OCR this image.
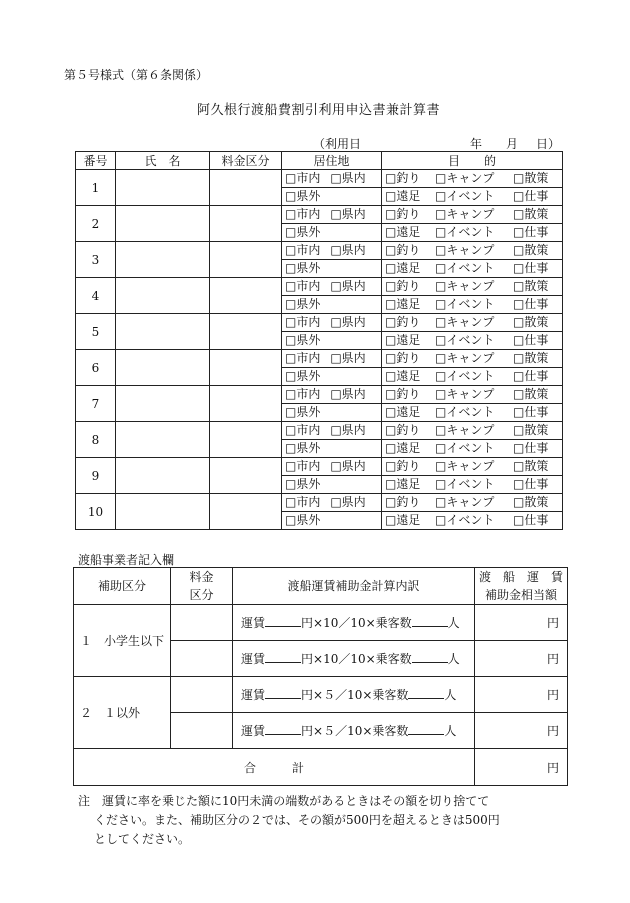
第５号様式（第６条関係）
阿久根行渡船費割引利用申込書兼計算書
（利用日	年 月 日）
番号	氏　名	料金区分	居住地	目　　的
1			□市内 □県内	□釣り □キャンプ □散策
			□県外	□遠足 □イベント □仕事
2			□市内 □県内	□釣り □キャンプ □散策
			□県外	□遠足 □イベント □仕事
3			□市内 □県内	□釣り □キャンプ □散策
			□県外	□遠足 □イベント □仕事
4			□市内 □県内	□釣り □キャンプ □散策
			□県外	□遠足 □イベント □仕事
5			□市内 □県内	□釣り □キャンプ □散策
			□県外	□遠足 □イベント □仕事
6			□市内 □県内	□釣り □キャンプ □散策
			□県外	□遠足 □イベント □仕事
7			□市内 □県内	□釣り □キャンプ □散策
			□県外	□遠足 □イベント □仕事
8			□市内 □県内	□釣り □キャンプ □散策
			□県外	□遠足 □イベント □仕事
9			□市内 □県内	□釣り □キャンプ □散策
			□県外	□遠足 □イベント □仕事
10			□市内 □県内	□釣り □キャンプ □散策
			□県外	□遠足 □イベント □仕事
渡船事業者記入欄
補助区分	料金
区分	渡船運賃補助金計算内訳	渡　船　運　賃
補助金相当額
１　小学生以下		運賃 円×10／10×乗客数 人	円
		運賃 円×10／10×乗客数 人	円
２　１以外		運賃 円×５／10×乗客数 人	円
		運賃 円×５／10×乗客数 人	円
合　　　計			円
注　運賃に率を乗じた額に10円未満の端数があるときはその額を切り捨てて
ください。また、補助区分の２では、その額が500円を超えるときは500円
としてください。
